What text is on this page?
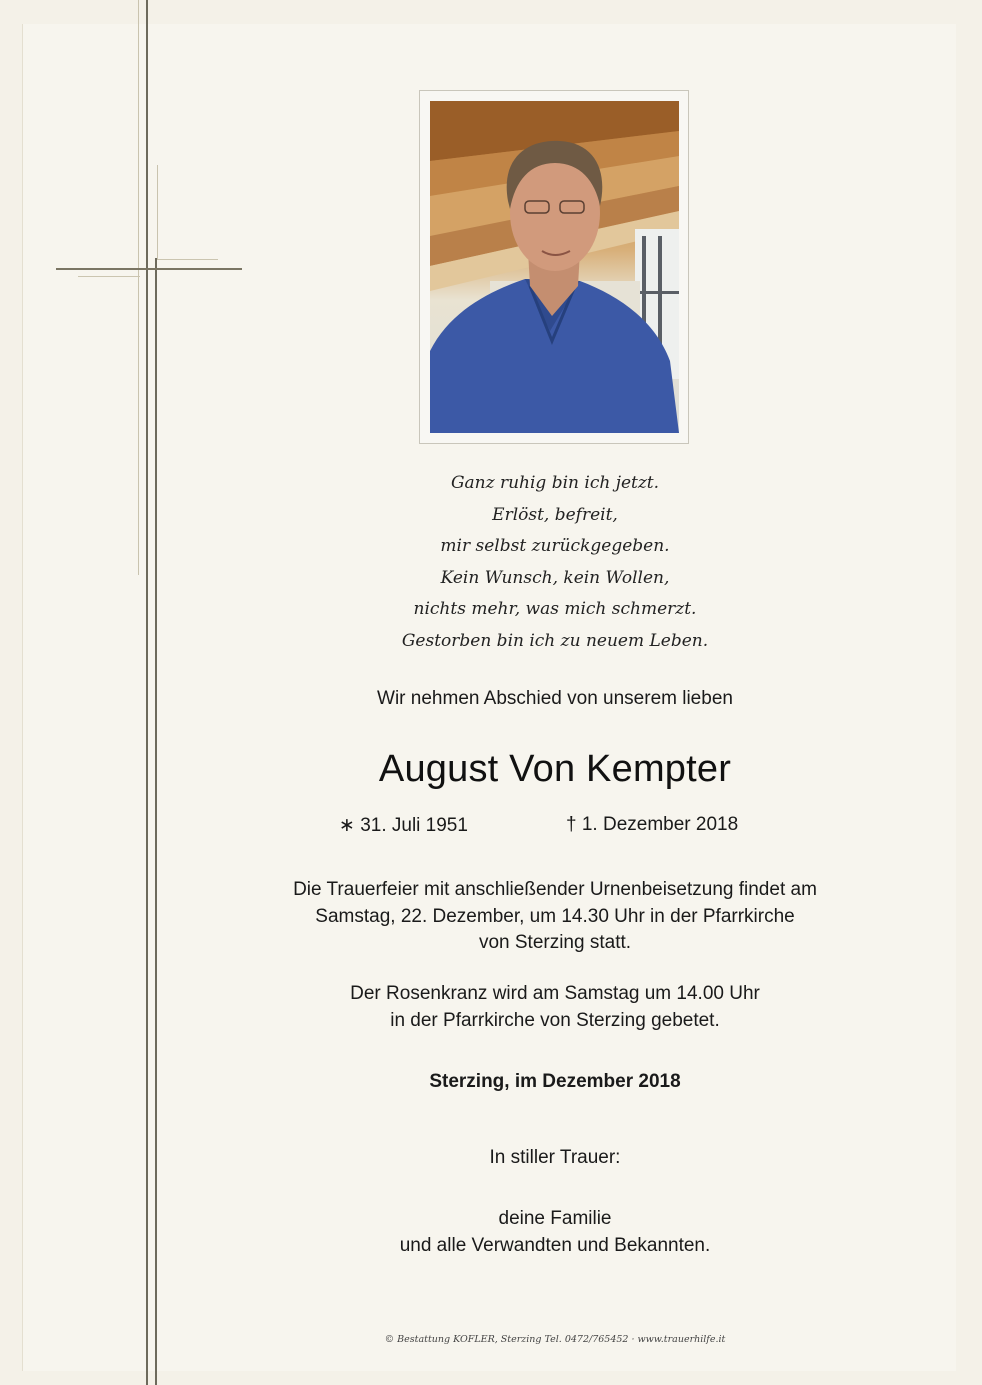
Ganz ruhig bin ich jetzt.
Erlöst, befreit,
mir selbst zurückgegeben.
Kein Wunsch, kein Wollen,
nichts mehr, was mich schmerzt.
Gestorben bin ich zu neuem Leben.
Wir nehmen Abschied von unserem lieben
August Von Kempter
∗ 31. Juli 1951	† 1. Dezember 2018
Die Trauerfeier mit anschließender Urnenbeisetzung findet am
Samstag, 22. Dezember, um 14.30 Uhr in der Pfarrkirche
von Sterzing statt.
Der Rosenkranz wird am Samstag um 14.00 Uhr
in der Pfarrkirche von Sterzing gebetet.
Sterzing, im Dezember 2018
In stiller Trauer:
deine Familie
und alle Verwandten und Bekannten.
© Bestattung KOFLER, Sterzing Tel. 0472/765452 · www.trauerhilfe.it
